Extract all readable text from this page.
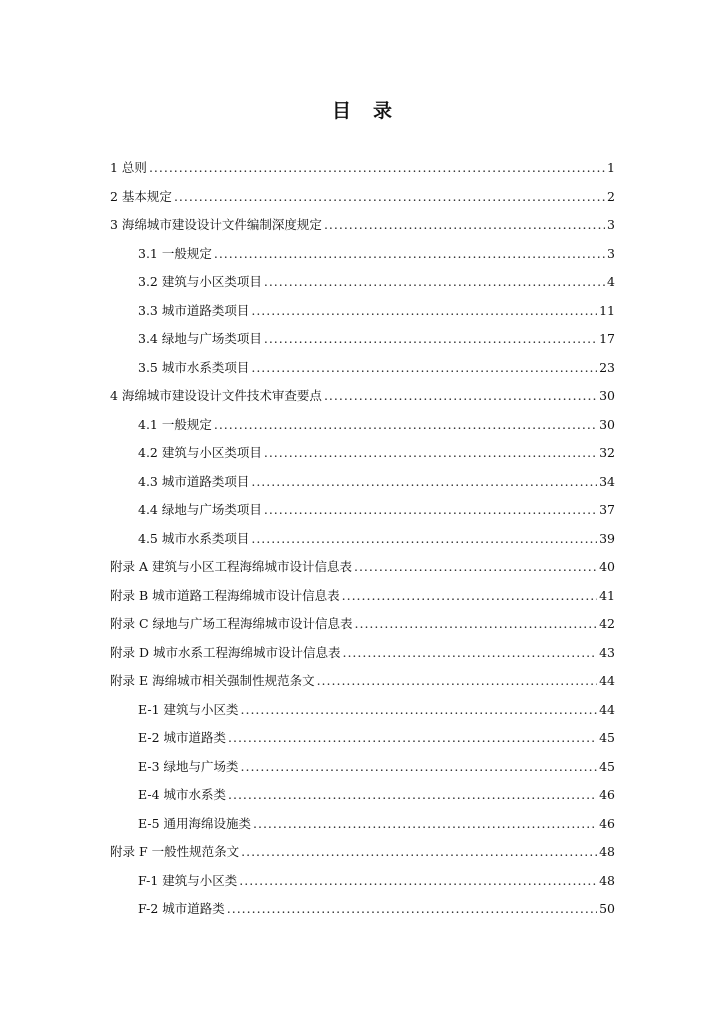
目 录
1 总则 .....	1
2 基本规定 .....	2
3 海绵城市建设设计文件编制深度规定 .....	3
3.1 一般规定 .....	3
3.2 建筑与小区类项目 .....	4
3.3 城市道路类项目 .....	11
3.4 绿地与广场类项目 .....	17
3.5 城市水系类项目 .....	23
4 海绵城市建设设计文件技术审查要点 .....	30
4.1 一般规定 .....	30
4.2 建筑与小区类项目 .....	32
4.3 城市道路类项目 .....	34
4.4 绿地与广场类项目 .....	37
4.5 城市水系类项目 .....	39
附录 A 建筑与小区工程海绵城市设计信息表 .....	40
附录 B 城市道路工程海绵城市设计信息表 .....	41
附录 C 绿地与广场工程海绵城市设计信息表 .....	42
附录 D 城市水系工程海绵城市设计信息表 .....	43
附录 E 海绵城市相关强制性规范条文 .....	44
E-1 建筑与小区类 .....	44
E-2 城市道路类 .....	45
E-3 绿地与广场类 .....	45
E-4 城市水系类 .....	46
E-5 通用海绵设施类 .....	46
附录 F 一般性规范条文 .....	48
F-1 建筑与小区类 .....	48
F-2 城市道路类 .....	50
